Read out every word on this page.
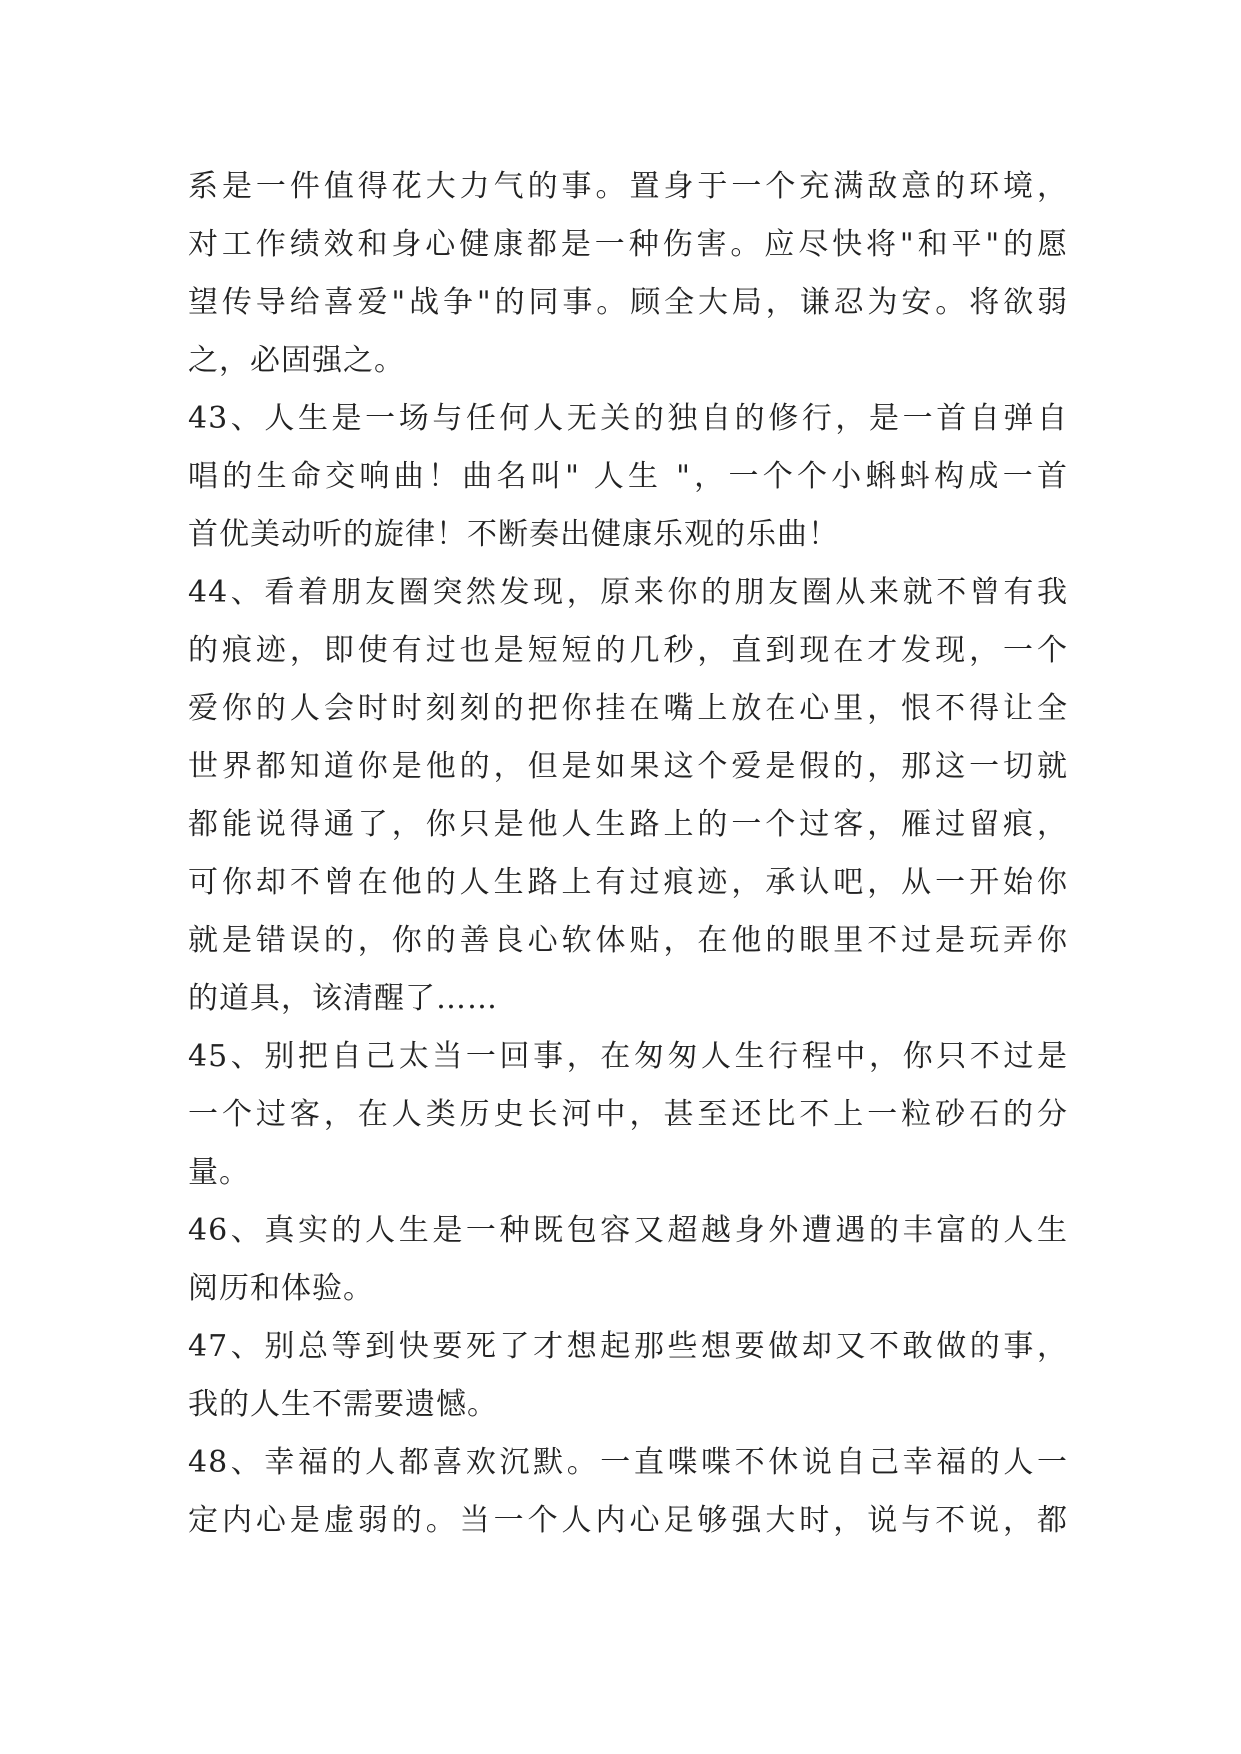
系是一件值得花大力气的事。置身于一个充满敌意的环境，
对工作绩效和身心健康都是一种伤害。应尽快将"和平"的愿
望传导给喜爱"战争"的同事。顾全大局，谦忍为安。将欲弱
之，必固强之。
43、人生是一场与任何人无关的独自的修行，是一首自弹自
唱的生命交响曲！曲名叫" 人生 "，一个个小蝌蚪构成一首
首优美动听的旋律！不断奏出健康乐观的乐曲！
44、看着朋友圈突然发现，原来你的朋友圈从来就不曾有我
的痕迹，即使有过也是短短的几秒，直到现在才发现，一个
爱你的人会时时刻刻的把你挂在嘴上放在心里，恨不得让全
世界都知道你是他的，但是如果这个爱是假的，那这一切就
都能说得通了，你只是他人生路上的一个过客，雁过留痕，
可你却不曾在他的人生路上有过痕迹，承认吧，从一开始你
就是错误的，你的善良心软体贴，在他的眼里不过是玩弄你
的道具，该清醒了……
45、别把自己太当一回事，在匆匆人生行程中，你只不过是
一个过客，在人类历史长河中，甚至还比不上一粒砂石的分
量。
46、真实的人生是一种既包容又超越身外遭遇的丰富的人生
阅历和体验。
47、别总等到快要死了才想起那些想要做却又不敢做的事，
我的人生不需要遗憾。
48、幸福的人都喜欢沉默。一直喋喋不休说自己幸福的人一
定内心是虚弱的。当一个人内心足够强大时，说与不说，都
